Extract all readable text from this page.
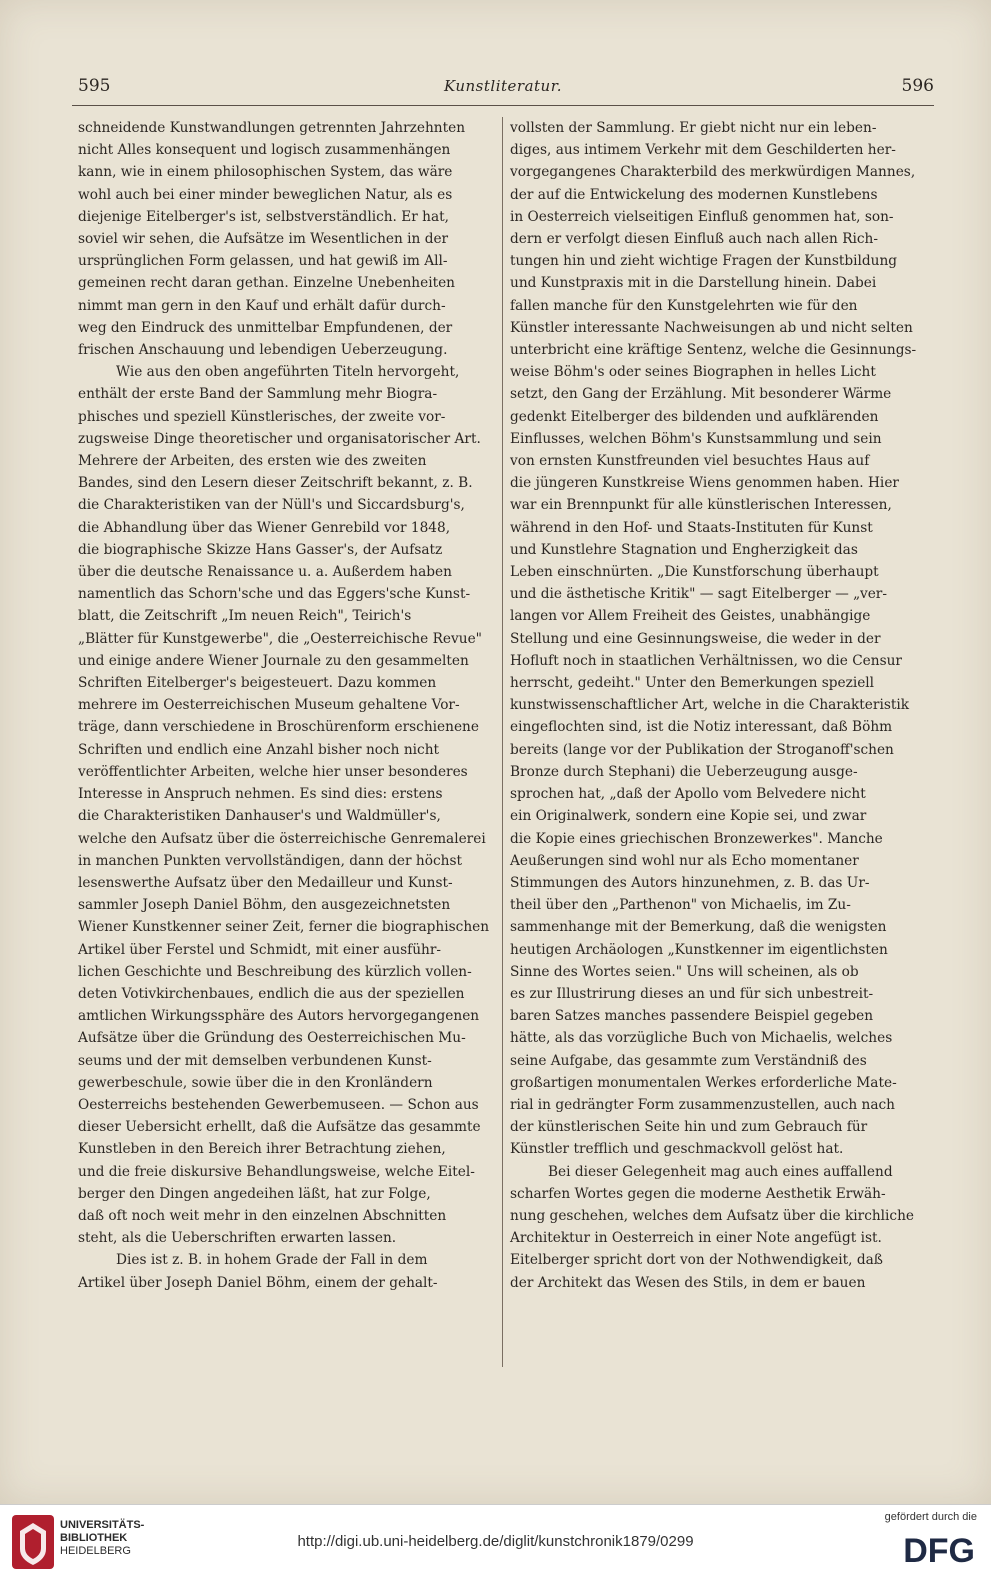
595	Kunstliteratur.	596

schneidende Kunstwandlungen getrennten Jahrzehnten
nicht Alles konsequent und logisch zusammenhängen
kann, wie in einem philosophischen System, das wäre
wohl auch bei einer minder beweglichen Natur, als es
diejenige Eitelberger's ist, selbstverständlich. Er hat,
soviel wir sehen, die Aufsätze im Wesentlichen in der
ursprünglichen Form gelassen, und hat gewiß im All-
gemeinen recht daran gethan. Einzelne Unebenheiten
nimmt man gern in den Kauf und erhält dafür durch-
weg den Eindruck des unmittelbar Empfundenen, der
frischen Anschauung und lebendigen Ueberzeugung.

Wie aus den oben angeführten Titeln hervorgeht,
enthält der erste Band der Sammlung mehr Biogra-
phisches und speziell Künstlerisches, der zweite vor-
zugsweise Dinge theoretischer und organisatorischer Art.
Mehrere der Arbeiten, des ersten wie des zweiten
Bandes, sind den Lesern dieser Zeitschrift bekannt, z. B.
die Charakteristiken van der Nüll's und Siccardsburg's,
die Abhandlung über das Wiener Genrebild vor 1848,
die biographische Skizze Hans Gasser's, der Aufsatz
über die deutsche Renaissance u. a. Außerdem haben
namentlich das Schorn'sche und das Eggers'sche Kunst-
blatt, die Zeitschrift „Im neuen Reich", Teirich's
„Blätter für Kunstgewerbe", die „Oesterreichische Revue"
und einige andere Wiener Journale zu den gesammelten
Schriften Eitelberger's beigesteuert. Dazu kommen
mehrere im Oesterreichischen Museum gehaltene Vor-
träge, dann verschiedene in Broschürenform erschienene
Schriften und endlich eine Anzahl bisher noch nicht
veröffentlichter Arbeiten, welche hier unser besonderes
Interesse in Anspruch nehmen. Es sind dies: erstens
die Charakteristiken Danhauser's und Waldmüller's,
welche den Aufsatz über die österreichische Genremalerei
in manchen Punkten vervollständigen, dann der höchst
lesenswerthe Aufsatz über den Medailleur und Kunst-
sammler Joseph Daniel Böhm, den ausgezeichnetsten
Wiener Kunstkenner seiner Zeit, ferner die biographischen
Artikel über Ferstel und Schmidt, mit einer ausführ-
lichen Geschichte und Beschreibung des kürzlich vollen-
deten Votivkirchenbaues, endlich die aus der speziellen
amtlichen Wirkungssphäre des Autors hervorgegangenen
Aufsätze über die Gründung des Oesterreichischen Mu-
seums und der mit demselben verbundenen Kunst-
gewerbeschule, sowie über die in den Kronländern
Oesterreichs bestehenden Gewerbemuseen. — Schon aus
dieser Uebersicht erhellt, daß die Aufsätze das gesammte
Kunstleben in den Bereich ihrer Betrachtung ziehen,
und die freie diskursive Behandlungsweise, welche Eitel-
berger den Dingen angedeihen läßt, hat zur Folge,
daß oft noch weit mehr in den einzelnen Abschnitten
steht, als die Ueberschriften erwarten lassen.

Dies ist z. B. in hohem Grade der Fall in dem
Artikel über Joseph Daniel Böhm, einem der gehalt-

vollsten der Sammlung. Er giebt nicht nur ein leben-
diges, aus intimem Verkehr mit dem Geschilderten her-
vorgegangenes Charakterbild des merkwürdigen Mannes,
der auf die Entwickelung des modernen Kunstlebens
in Oesterreich vielseitigen Einfluß genommen hat, son-
dern er verfolgt diesen Einfluß auch nach allen Rich-
tungen hin und zieht wichtige Fragen der Kunstbildung
und Kunstpraxis mit in die Darstellung hinein. Dabei
fallen manche für den Kunstgelehrten wie für den
Künstler interessante Nachweisungen ab und nicht selten
unterbricht eine kräftige Sentenz, welche die Gesinnungs-
weise Böhm's oder seines Biographen in helles Licht
setzt, den Gang der Erzählung. Mit besonderer Wärme
gedenkt Eitelberger des bildenden und aufklärenden
Einflusses, welchen Böhm's Kunstsammlung und sein
von ernsten Kunstfreunden viel besuchtes Haus auf
die jüngeren Kunstkreise Wiens genommen haben. Hier
war ein Brennpunkt für alle künstlerischen Interessen,
während in den Hof- und Staats-Instituten für Kunst
und Kunstlehre Stagnation und Engherzigkeit das
Leben einschnürten. „Die Kunstforschung überhaupt
und die ästhetische Kritik" — sagt Eitelberger — „ver-
langen vor Allem Freiheit des Geistes, unabhängige
Stellung und eine Gesinnungsweise, die weder in der
Hofluft noch in staatlichen Verhältnissen, wo die Censur
herrscht, gedeiht." Unter den Bemerkungen speziell
kunstwissenschaftlicher Art, welche in die Charakteristik
eingeflochten sind, ist die Notiz interessant, daß Böhm
bereits (lange vor der Publikation der Stroganoff'schen
Bronze durch Stephani) die Ueberzeugung ausge-
sprochen hat, „daß der Apollo vom Belvedere nicht
ein Originalwerk, sondern eine Kopie sei, und zwar
die Kopie eines griechischen Bronzewerkes". Manche
Aeußerungen sind wohl nur als Echo momentaner
Stimmungen des Autors hinzunehmen, z. B. das Ur-
theil über den „Parthenon" von Michaelis, im Zu-
sammenhange mit der Bemerkung, daß die wenigsten
heutigen Archäologen „Kunstkenner im eigentlichsten
Sinne des Wortes seien." Uns will scheinen, als ob
es zur Illustrirung dieses an und für sich unbestreit-
baren Satzes manches passendere Beispiel gegeben
hätte, als das vorzügliche Buch von Michaelis, welches
seine Aufgabe, das gesammte zum Verständniß des
großartigen monumentalen Werkes erforderliche Mate-
rial in gedrängter Form zusammenzustellen, auch nach
der künstlerischen Seite hin und zum Gebrauch für
Künstler trefflich und geschmackvoll gelöst hat.

Bei dieser Gelegenheit mag auch eines auffallend
scharfen Wortes gegen die moderne Aesthetik Erwäh-
nung geschehen, welches dem Aufsatz über die kirchliche
Architektur in Oesterreich in einer Note angefügt ist.
Eitelberger spricht dort von der Nothwendigkeit, daß
der Architekt das Wesen des Stils, in dem er bauen

UNIVERSITÄTS-
BIBLIOTHEK
HEIDELBERG
http://digi.ub.uni-heidelberg.de/diglit/kunstchronik1879/0299
gefördert durch die
DFG
